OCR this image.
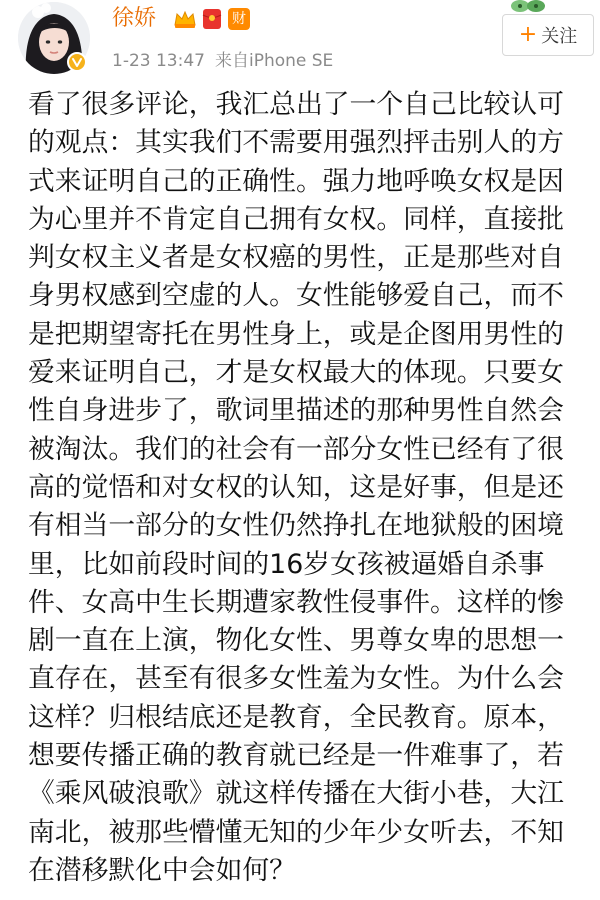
徐娇	财
1-23 13:47 来自iPhone SE
+ 关注
看了很多评论，我汇总出了一个自己比较认可
的观点：其实我们不需要用强烈抨击别人的方
式来证明自己的正确性。强力地呼唤女权是因
为心里并不肯定自己拥有女权。同样，直接批
判女权主义者是女权癌的男性，正是那些对自
身男权感到空虚的人。女性能够爱自己，而不
是把期望寄托在男性身上，或是企图用男性的
爱来证明自己，才是女权最大的体现。只要女
性自身进步了，歌词里描述的那种男性自然会
被淘汰。我们的社会有一部分女性已经有了很
高的觉悟和对女权的认知，这是好事，但是还
有相当一部分的女性仍然挣扎在地狱般的困境
里，比如前段时间的16岁女孩被逼婚自杀事
件、女高中生长期遭家教性侵事件。这样的惨
剧一直在上演，物化女性、男尊女卑的思想一
直存在，甚至有很多女性羞为女性。为什么会
这样？归根结底还是教育，全民教育。原本，
想要传播正确的教育就已经是一件难事了，若
《乘风破浪歌》就这样传播在大街小巷，大江
南北，被那些懵懂无知的少年少女听去，不知
在潜移默化中会如何？
